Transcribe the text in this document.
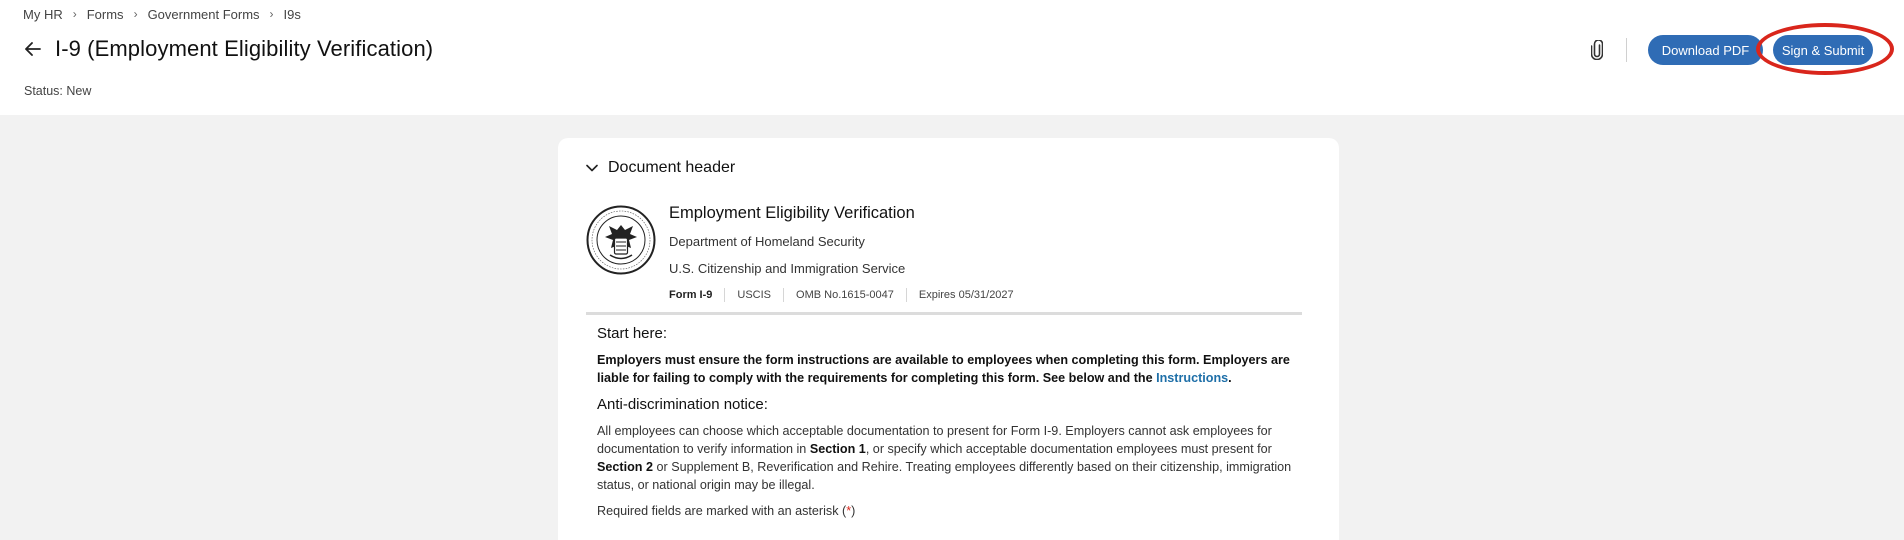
My HR › Forms › Government Forms › I9s
I-9 (Employment Eligibility Verification)
Status: New
Download PDF	Sign & Submit
Document header
Employment Eligibility Verification
Department of Homeland Security
U.S. Citizenship and Immigration Service
Form I-9	USCIS	OMB No.1615-0047	Expires 05/31/2027
Start here:
Employers must ensure the form instructions are available to employees when completing this form. Employers are liable for failing to comply with the requirements for completing this form. See below and the Instructions.
Anti-discrimination notice:
All employees can choose which acceptable documentation to present for Form I-9. Employers cannot ask employees for documentation to verify information in Section 1, or specify which acceptable documentation employees must present for Section 2 or Supplement B, Reverification and Rehire. Treating employees differently based on their citizenship, immigration status, or national origin may be illegal.
Required fields are marked with an asterisk (*)
